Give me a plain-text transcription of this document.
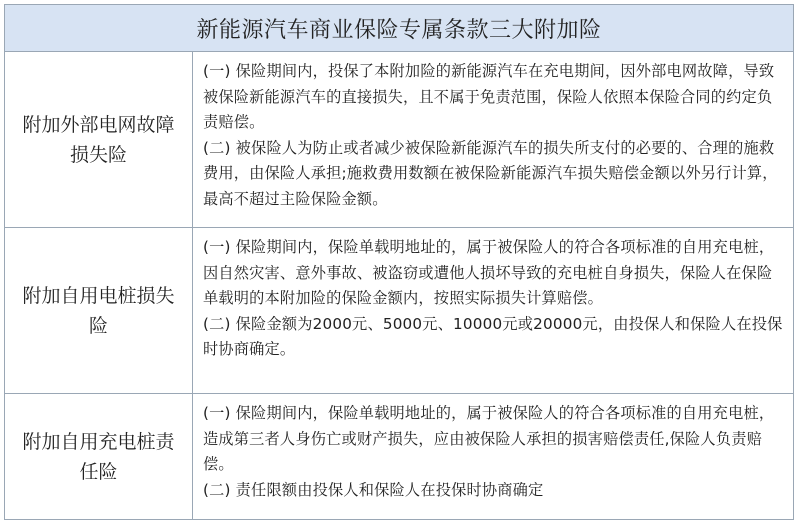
新能源汽车商业保险专属条款三大附加险
附加外部电网故障损失险

(一) 保险期间内，投保了本附加险的新能源汽车在充电期间，因外部电网故障，导致被保险新能源汽车的直接损失，且不属于免责范围，保险人依照本保险合同的约定负责赔偿。

(二) 被保险人为防止或者减少被保险新能源汽车的损失所支付的必要的、合理的施救费用，由保险人承担;施救费用数额在被保险新能源汽车损失赔偿金额以外另行计算，最高不超过主险保险金额。

附加自用电桩损失险

(一) 保险期间内，保险单载明地址的，属于被保险人的符合各项标准的自用充电桩，因自然灾害、意外事故、被盗窃或遭他人损坏导致的充电桩自身损失，保险人在保险单载明的本附加险的保险金额内，按照实际损失计算赔偿。

(二) 保险金额为2000元、5000元、10000元或20000元，由投保人和保险人在投保时协商确定。

附加自用充电桩责任险

(一) 保险期间内，保险单载明地址的，属于被保险人的符合各项标准的自用充电桩，造成第三者人身伤亡或财产损失，应由被保险人承担的损害赔偿责任,保险人负责赔偿。

(二) 责任限额由投保人和保险人在投保时协商确定
